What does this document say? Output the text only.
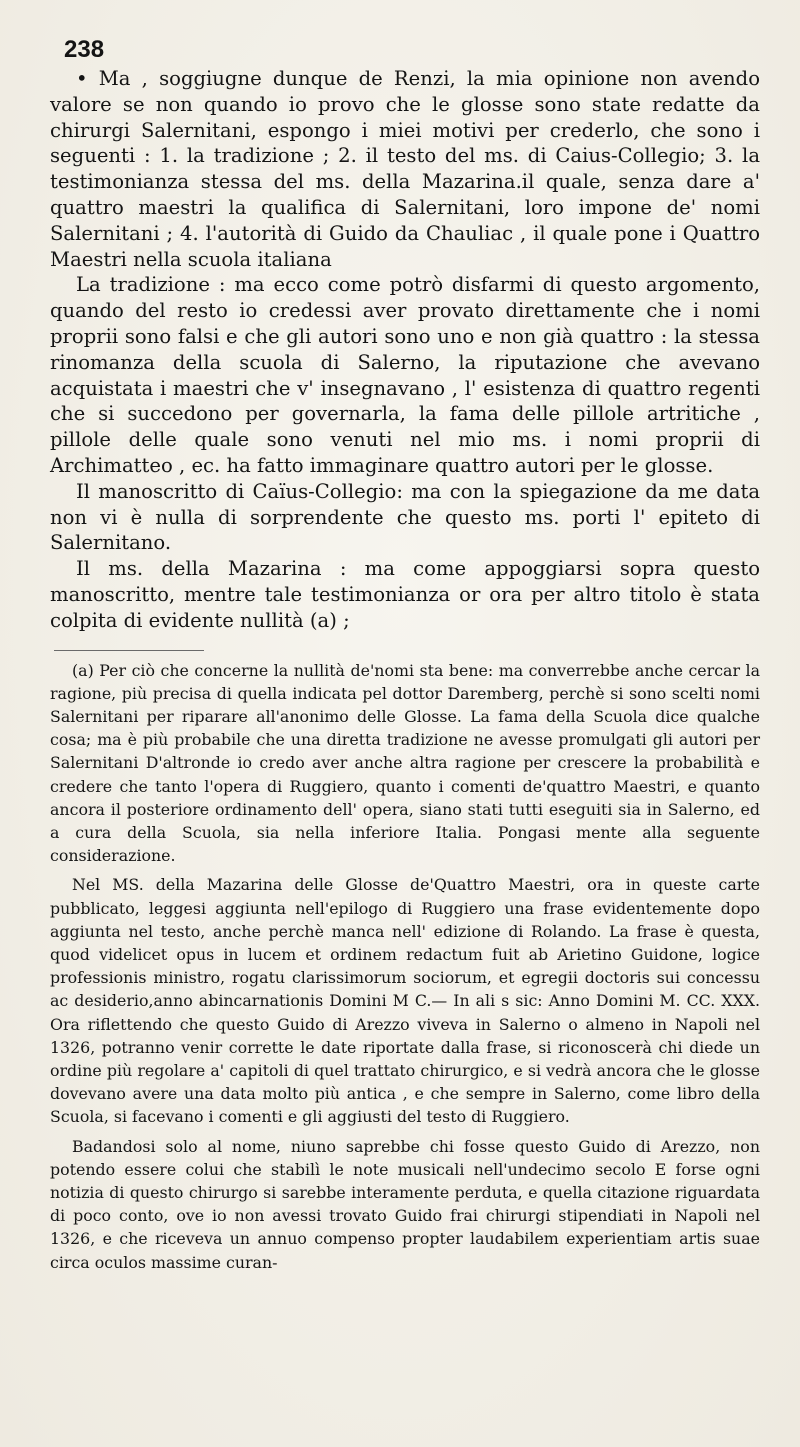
238

• Ma , soggiugne dunque de Renzi, la mia opinione non avendo valore se non quando io provo che le glosse sono state redatte da chirurgi Salernitani, espongo i miei motivi per crederlo, che sono i seguenti : 1. la tradizione ; 2. il testo del ms. di Caius-Collegio; 3. la testimonianza stessa del ms. della Mazarina.il quale, senza dare a' quattro maestri la qualifica di Salernitani, loro impone de' nomi Salernitani ; 4. l'autorità di Guido da Chauliac , il quale pone i Quattro Maestri nella scuola italiana

La tradizione : ma ecco come potrò disfarmi di questo argomento, quando del resto io credessi aver provato direttamente che i nomi proprii sono falsi e che gli autori sono uno e non già quattro : la stessa rinomanza della scuola di Salerno, la riputazione che avevano acquistata i maestri che v' insegnavano , l' esistenza di quattro regenti che si succedono per governarla, la fama delle pillole artritiche , pillole delle quale sono venuti nel mio ms. i nomi proprii di Archimatteo , ec. ha fatto immaginare quattro autori per le glosse.

Il manoscritto di Caïus-Collegio: ma con la spiegazione da me data non vi è nulla di sorprendente che questo ms. porti l' epiteto di Salernitano.

Il ms. della Mazarina : ma come appoggiarsi sopra questo manoscritto, mentre tale testimonianza or ora per altro titolo è stata colpita di evidente nullità (a) ;

(a) Per ciò che concerne la nullità de'nomi sta bene: ma converrebbe anche cercar la ragione, più precisa di quella indicata pel dottor Daremberg, perchè si sono scelti nomi Salernitani per riparare all'anonimo delle Glosse. La fama della Scuola dice qualche cosa; ma è più probabile che una diretta tradizione ne avesse promulgati gli autori per Salernitani D'altronde io credo aver anche altra ragione per crescere la probabilità e credere che tanto l'opera di Ruggiero, quanto i comenti de'quattro Maestri, e quanto ancora il posteriore ordinamento dell' opera, siano stati tutti eseguiti sia in Salerno, ed a cura della Scuola, sia nella inferiore Italia. Pongasi mente alla seguente considerazione.

Nel MS. della Mazarina delle Glosse de'Quattro Maestri, ora in queste carte pubblicato, leggesi aggiunta nell'epilogo di Ruggiero una frase evidentemente dopo aggiunta nel testo, anche perchè manca nell' edizione di Rolando. La frase è questa, quod videlicet opus in lucem et ordinem redactum fuit ab Arietino Guidone, logice professionis ministro, rogatu clarissimorum sociorum, et egregii doctoris sui concessu ac desiderio,anno abincarnationis Domini M C.— In ali s sic: Anno Domini M. CC. XXX. Ora riflettendo che questo Guido di Arezzo viveva in Salerno o almeno in Napoli nel 1326, potranno venir corrette le date riportate dalla frase, si riconoscerà chi diede un ordine più regolare a' capitoli di quel trattato chirurgico, e si vedrà ancora che le glosse dovevano avere una data molto più antica , e che sempre in Salerno, come libro della Scuola, si facevano i comenti e gli aggiusti del testo di Ruggiero.

Badandosi solo al nome, niuno saprebbe chi fosse questo Guido di Arezzo, non potendo essere colui che stabilì le note musicali nell'undecimo secolo E forse ogni notizia di questo chirurgo si sarebbe interamente perduta, e quella citazione riguardata di poco conto, ove io non avessi trovato Guido frai chirurgi stipendiati in Napoli nel 1326, e che riceveva un annuo compenso propter laudabilem experientiam artis suae circa oculos massime curan-
